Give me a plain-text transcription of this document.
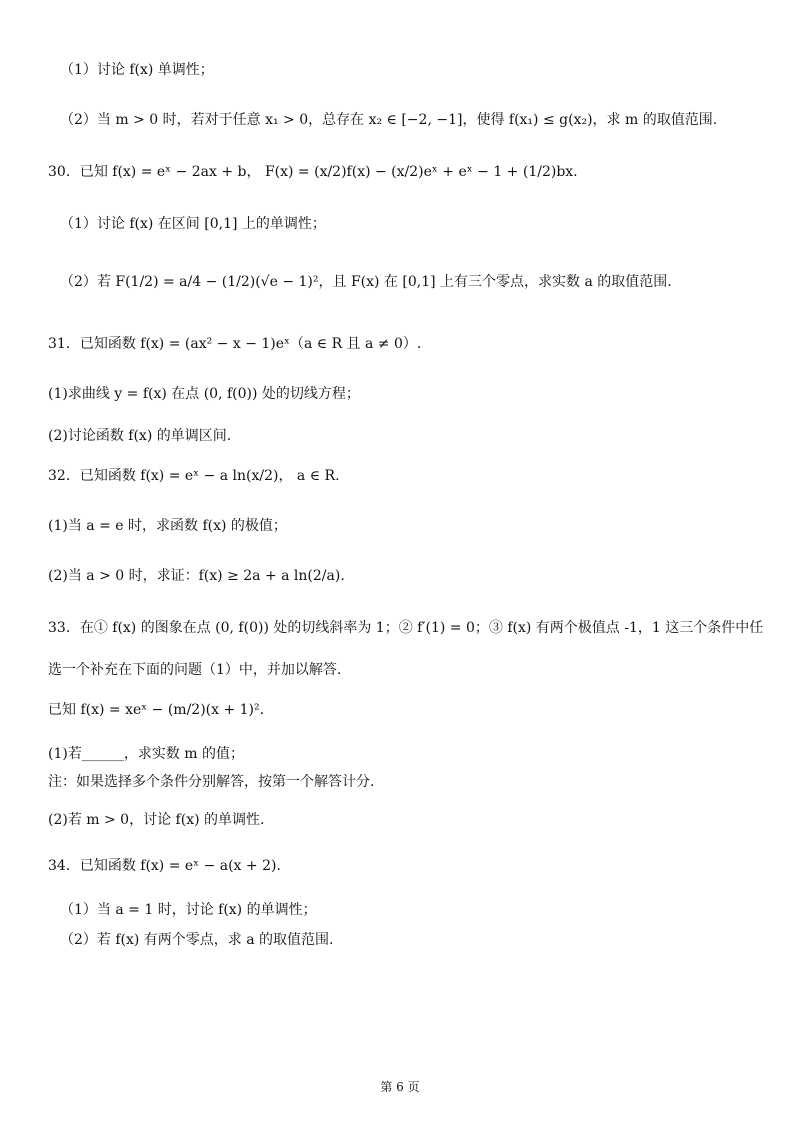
（1）讨论 f(x) 单调性；
（2）当 m > 0 时，若对于任意 x₁ > 0，总存在 x₂ ∈ [−2, −1]，使得 f(x₁) ≤ g(x₂)，求 m 的取值范围.
30．已知 f(x) = eˣ − 2ax + b， F(x) = (x/2)f(x) − (x/2)eˣ + eˣ − 1 + (1/2)bx.
（1）讨论 f(x) 在区间 [0,1] 上的单调性；
（2）若 F(1/2) = a/4 − (1/2)(√e − 1)²，且 F(x) 在 [0,1] 上有三个零点，求实数 a 的取值范围.
31．已知函数 f(x) = (ax² − x − 1)eˣ（a ∈ R 且 a ≠ 0）.
(1)求曲线 y = f(x) 在点 (0, f(0)) 处的切线方程；
(2)讨论函数 f(x) 的单调区间.
32．已知函数 f(x) = eˣ − a ln(x/2)， a ∈ R.
(1)当 a = e 时，求函数 f(x) 的极值；
(2)当 a > 0 时，求证：f(x) ≥ 2a + a ln(2/a).
33．在① f(x) 的图象在点 (0, f(0)) 处的切线斜率为 1；② f′(1) = 0；③ f(x) 有两个极值点 -1，1 这三个条件中任
选一个补充在下面的问题（1）中，并加以解答.
已知 f(x) = xeˣ − (m/2)(x + 1)².
(1)若______，求实数 m 的值；
注：如果选择多个条件分别解答，按第一个解答计分.
(2)若 m > 0，讨论 f(x) 的单调性.
34．已知函数 f(x) = eˣ − a(x + 2).
（1）当 a = 1 时，讨论 f(x) 的单调性；
（2）若 f(x) 有两个零点，求 a 的取值范围.
第 6 页
